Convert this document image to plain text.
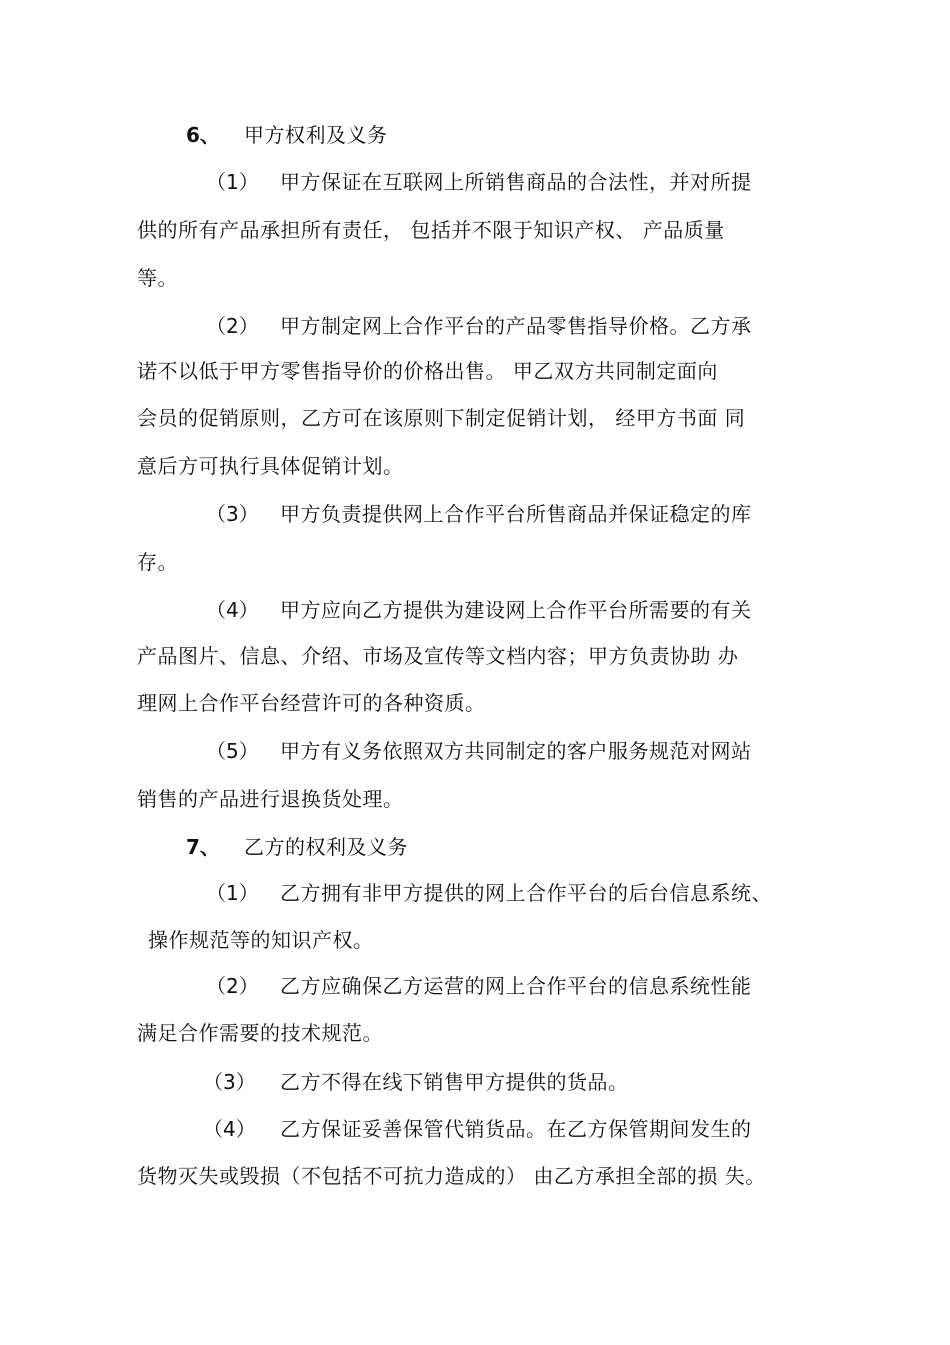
6、 甲方权利及义务
（1） 甲方保证在互联网上所销售商品的合法性，并对所提
供的所有产品承担所有责任， 包括并不限于知识产权、 产品质量
等。
（2） 甲方制定网上合作平台的产品零售指导价格。乙方承
诺不以低于甲方零售指导价的价格出售。 甲乙双方共同制定面向
会员的促销原则，乙方可在该原则下制定促销计划， 经甲方书面 同
意后方可执行具体促销计划。
（3） 甲方负责提供网上合作平台所售商品并保证稳定的库
存。
（4） 甲方应向乙方提供为建设网上合作平台所需要的有关
产品图片、信息、介绍、市场及宣传等文档内容；甲方负责协助 办
理网上合作平台经营许可的各种资质。
（5） 甲方有义务依照双方共同制定的客户服务规范对网站
销售的产品进行退换货处理。
7、 乙方的权利及义务
（1） 乙方拥有非甲方提供的网上合作平台的后台信息系统、
操作规范等的知识产权。
（2） 乙方应确保乙方运营的网上合作平台的信息系统性能
满足合作需要的技术规范。
（3） 乙方不得在线下销售甲方提供的货品。
（4） 乙方保证妥善保管代销货品。在乙方保管期间发生的
货物灭失或毁损（不包括不可抗力造成的） 由乙方承担全部的损 失。
